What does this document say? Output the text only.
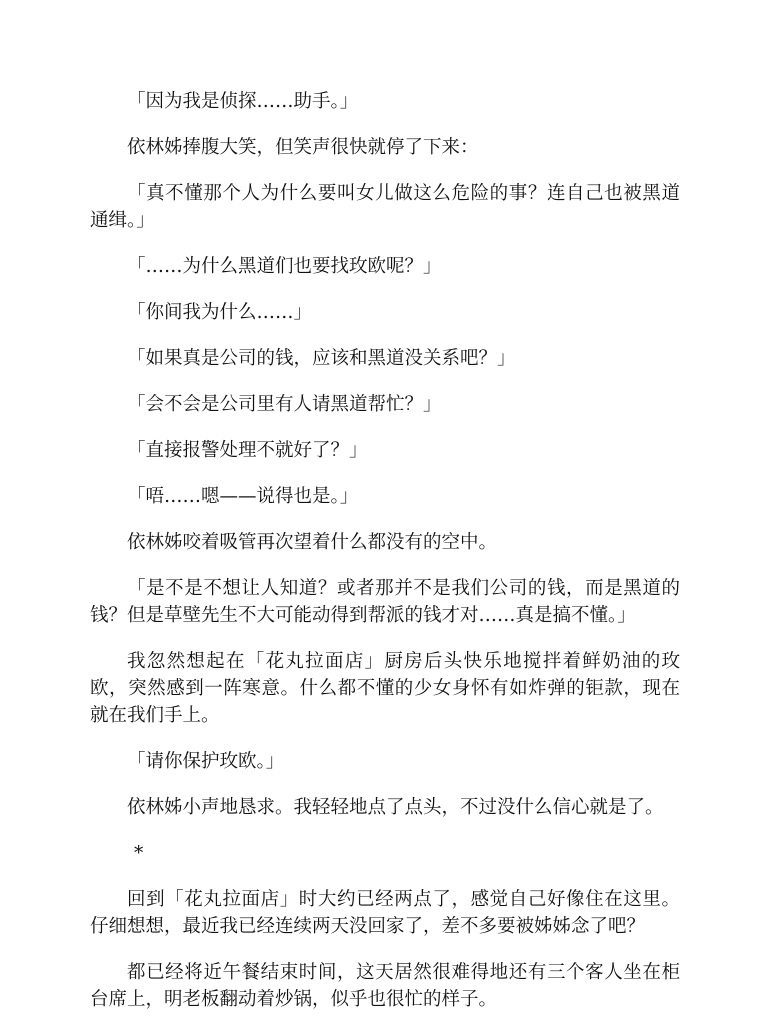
「因为我是侦探……助手。」

依林姊捧腹大笑，但笑声很快就停了下来：

「真不懂那个人为什么要叫女儿做这么危险的事？连自己也被黑道通缉。」

「……为什么黑道们也要找玫欧呢？」

「你间我为什么……」

「如果真是公司的钱，应该和黑道没关系吧？」

「会不会是公司里有人请黑道帮忙？」

「直接报警处理不就好了？」

「唔……嗯——说得也是。」

依林姊咬着吸管再次望着什么都没有的空中。

「是不是不想让人知道？或者那并不是我们公司的钱，而是黑道的钱？但是草壁先生不大可能动得到帮派的钱才对……真是搞不懂。」

我忽然想起在「花丸拉面店」厨房后头快乐地搅拌着鲜奶油的玫欧，突然感到一阵寒意。什么都不懂的少女身怀有如炸弹的钜款，现在就在我们手上。

「请你保护玫欧。」

依林姊小声地恳求。我轻轻地点了点头，不过没什么信心就是了。

*

回到「花丸拉面店」时大约已经两点了，感觉自己好像住在这里。仔细想想，最近我已经连续两天没回家了，差不多要被姊姊念了吧？

都已经将近午餐结束时间，这天居然很难得地还有三个客人坐在柜台席上，明老板翻动着炒锅，似乎也很忙的样子。
